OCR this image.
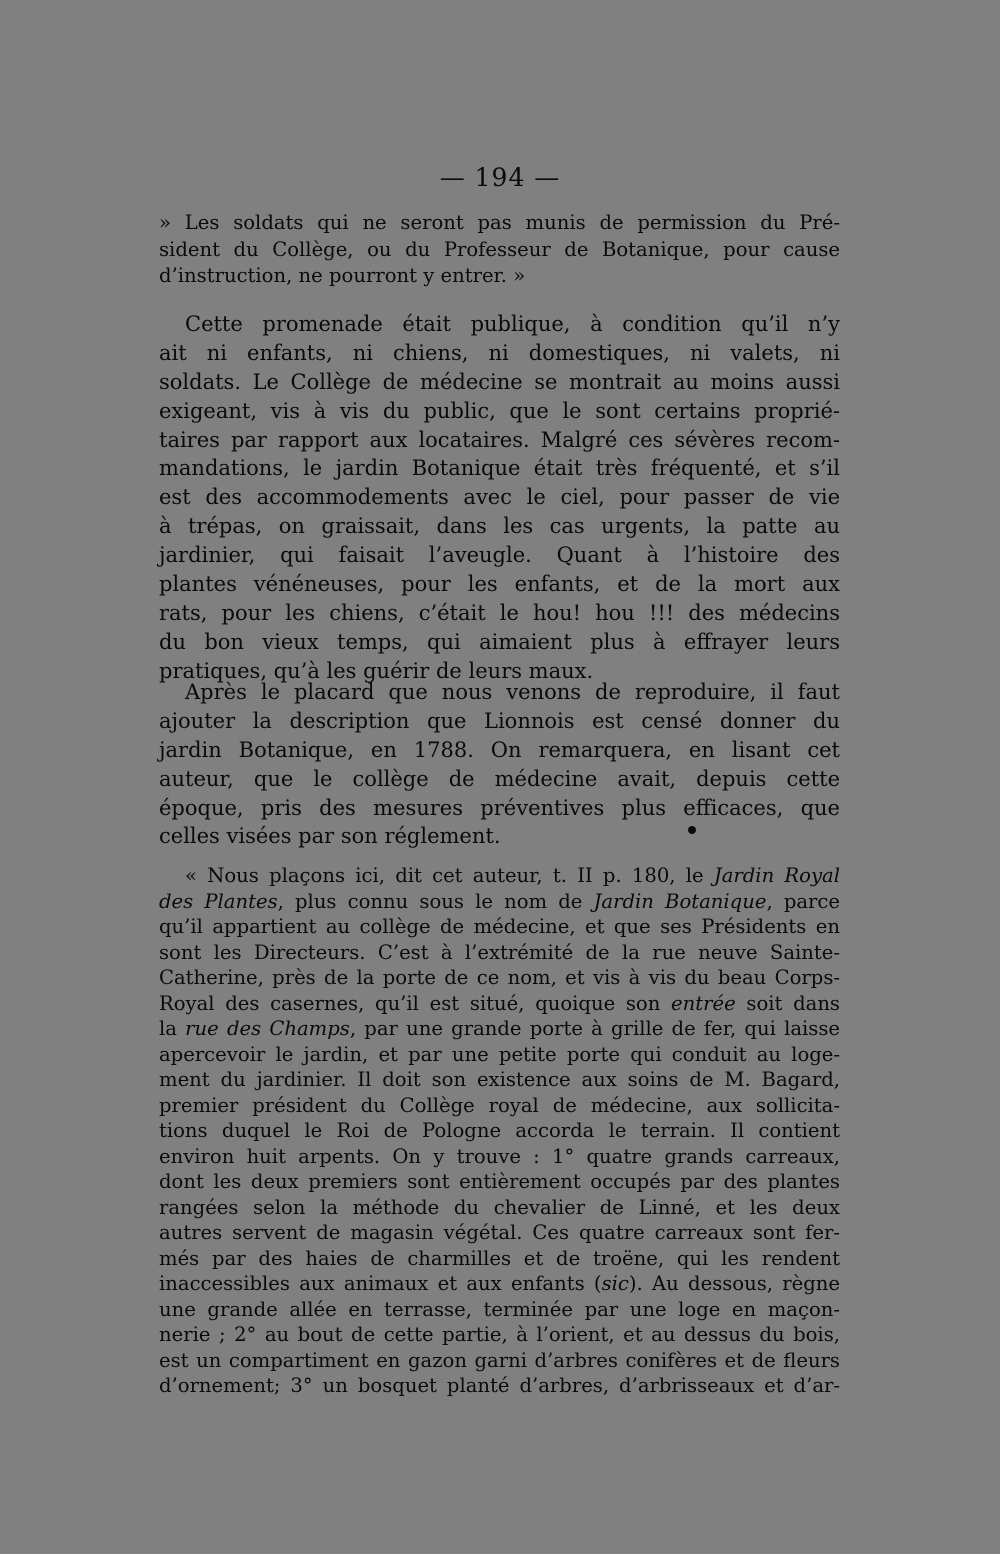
— 194 —
» Les soldats qui ne seront pas munis de permission du Pré-
sident du Collège, ou du Professeur de Botanique, pour cause
d’instruction, ne pourront y entrer. »
Cette promenade était publique, à condition qu’il n’y
ait ni enfants, ni chiens, ni domestiques, ni valets, ni
soldats. Le Collège de médecine se montrait au moins aussi
exigeant, vis à vis du public, que le sont certains proprié-
taires par rapport aux locataires. Malgré ces sévères recom-
mandations, le jardin Botanique était très fréquenté, et s’il
est des accommodements avec le ciel, pour passer de vie
à trépas, on graissait, dans les cas urgents, la patte au
jardinier, qui faisait l’aveugle. Quant à l’histoire des
plantes vénéneuses, pour les enfants, et de la mort aux
rats, pour les chiens, c’était le hou! hou !!! des médecins
du bon vieux temps, qui aimaient plus à effrayer leurs
pratiques, qu’à les guérir de leurs maux.
Après le placard que nous venons de reproduire, il faut
ajouter la description que Lionnois est censé donner du
jardin Botanique, en 1788. On remarquera, en lisant cet
auteur, que le collège de médecine avait, depuis cette
époque, pris des mesures préventives plus efficaces, que
celles visées par son réglement.
« Nous plaçons ici, dit cet auteur, t. II p. 180, le Jardin Royal
des Plantes, plus connu sous le nom de Jardin Botanique, parce
qu’il appartient au collège de médecine, et que ses Présidents en
sont les Directeurs. C’est à l’extrémité de la rue neuve Sainte-
Catherine, près de la porte de ce nom, et vis à vis du beau Corps-
Royal des casernes, qu’il est situé, quoique son entrée soit dans
la rue des Champs, par une grande porte à grille de fer, qui laisse
apercevoir le jardin, et par une petite porte qui conduit au loge-
ment du jardinier. Il doit son existence aux soins de M. Bagard,
premier président du Collège royal de médecine, aux sollicita-
tions duquel le Roi de Pologne accorda le terrain. Il contient
environ huit arpents. On y trouve : 1° quatre grands carreaux,
dont les deux premiers sont entièrement occupés par des plantes
rangées selon la méthode du chevalier de Linné, et les deux
autres servent de magasin végétal. Ces quatre carreaux sont fer-
més par des haies de charmilles et de troëne, qui les rendent
inaccessibles aux animaux et aux enfants (sic). Au dessous, règne
une grande allée en terrasse, terminée par une loge en maçon-
nerie ; 2° au bout de cette partie, à l’orient, et au dessus du bois,
est un compartiment en gazon garni d’arbres conifères et de fleurs
d’ornement; 3° un bosquet planté d’arbres, d’arbrisseaux et d’ar-
